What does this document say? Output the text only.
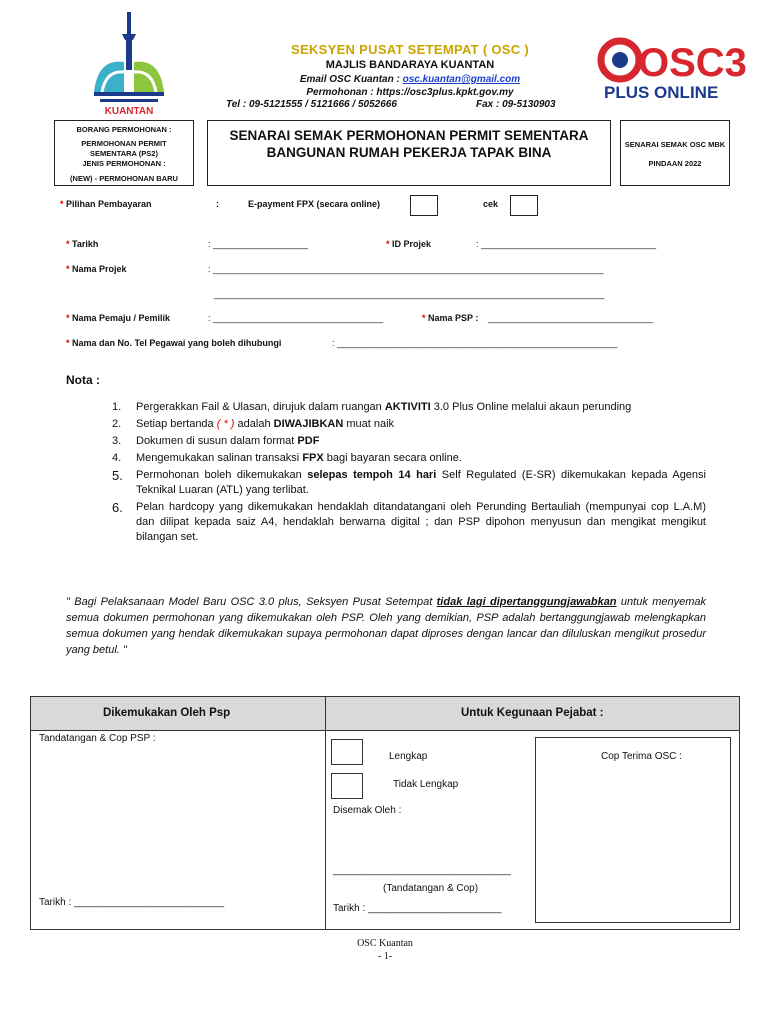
KUANTAN
SEKSYEN PUSAT SETEMPAT ( OSC )
MAJLIS BANDARAYA KUANTAN
Email OSC Kuantan : osc.kuantan@gmail.com
Permohonan : https://osc3plus.kpkt.gov.my
Tel : 09-5121555 / 5121666 / 5052666	Fax : 09-5130903
OSC3
PLUS ONLINE
BORANG PERMOHONAN :
PERMOHONAN PERMIT SEMENTARA (PS2)
JENIS PERMOHONAN :
(NEW) - PERMOHONAN BARU
SENARAI SEMAK PERMOHONAN PERMIT SEMENTARA BANGUNAN RUMAH PEKERJA TAPAK BINA
SENARAI SEMAK OSC MBK
PINDAAN 2022
* Pilihan Pembayaran	:	E-payment FPX (secara online)	cek
* Tarikh	: ___________________	* ID Projek	: ___________________________________
* Nama Projek	: ______________________________________________________________________________
______________________________________________________________________________
* Nama Pemaju / Pemilik	: __________________________________	* Nama PSP : _________________________________
* Nama dan No. Tel Pegawai yang boleh dihubungi	: ________________________________________________________
Nota :
1.	Pergerakkan Fail & Ulasan, dirujuk dalam ruangan AKTIVITI 3.0 Plus Online melalui akaun perunding
2.	Setiap bertanda ( * ) adalah DIWAJIBKAN muat naik
3.	Dokumen di susun dalam format PDF
4.	Mengemukakan salinan transaksi FPX bagi bayaran secara online.
5.	Permohonan boleh dikemukakan selepas tempoh 14 hari Self Regulated (E-SR) dikemukakan kepada Agensi Teknikal Luaran (ATL) yang terlibat.
6.	Pelan hardcopy yang dikemukakan hendaklah ditandatangani oleh Perunding Bertauliah (mempunyai cop L.A.M) dan dilipat kepada saiz A4, hendaklah berwarna digital ; dan PSP dipohon menyusun dan mengikat mengikut bilangan set.
" Bagi Pelaksanaan Model Baru OSC 3.0 plus, Seksyen Pusat Setempat tidak lagi dipertanggungjawabkan untuk menyemak semua dokumen permohonan yang dikemukakan oleh PSP. Oleh yang demikian, PSP adalah bertanggungjawab melengkapkan semua dokumen yang hendak dikemukakan supaya permohonan dapat diproses dengan lancar dan diluluskan mengikut prosedur yang betul. "
Dikemukakan Oleh Psp	Untuk Kegunaan Pejabat :
Tandatangan & Cop PSP :
Tarikh : ___________________________
Lengkap
Tidak Lengkap
Disemak Oleh :
________________________________
(Tandatangan & Cop)
Tarikh : ________________________
Cop Terima OSC :
OSC Kuantan
- 1-
